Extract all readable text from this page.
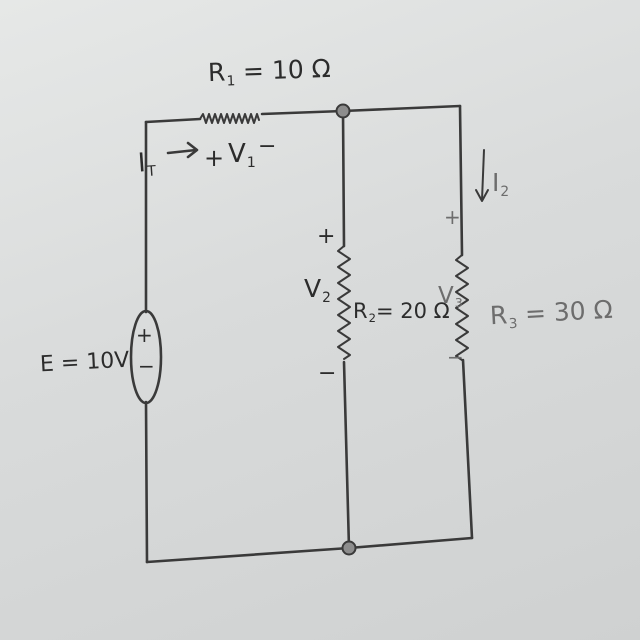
E = 10V
+
−
$R_1 = 10$ Ω
$I_T + V_1$
−
+
$V_2$
−
$R_2= 20$ Ω
$I_2$
+
$V_3$
−
$R_3 = 30$ Ω
